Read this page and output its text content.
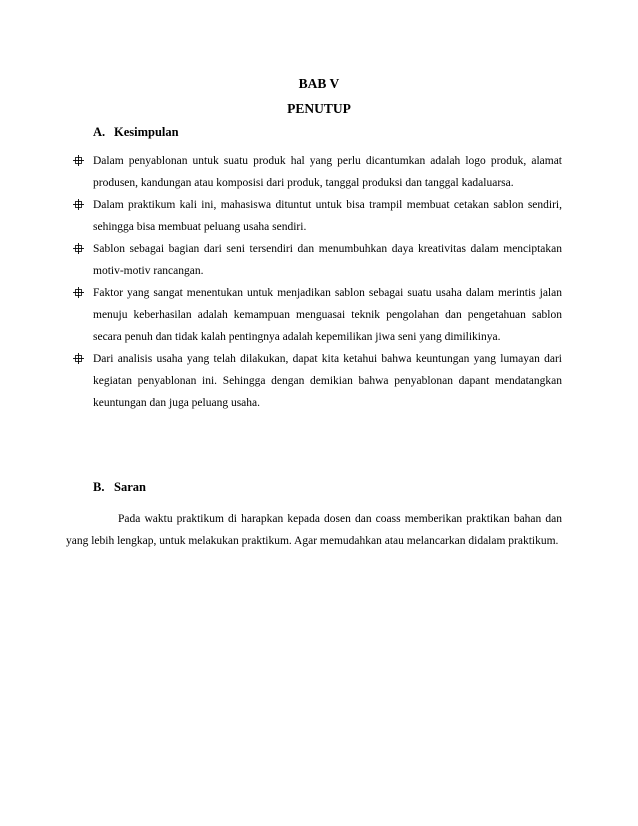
BAB V
PENUTUP
A. Kesimpulan

Dalam penyablonan untuk suatu produk hal yang perlu dicantumkan adalah logo produk, alamat produsen, kandungan atau komposisi dari produk, tanggal produksi dan tanggal kadaluarsa.

Dalam praktikum kali ini, mahasiswa dituntut untuk bisa trampil membuat cetakan sablon sendiri, sehingga bisa membuat peluang usaha sendiri.

Sablon sebagai bagian dari seni tersendiri dan menumbuhkan daya kreativitas dalam menciptakan motiv-motiv rancangan.

Faktor yang sangat menentukan untuk menjadikan sablon sebagai suatu usaha dalam merintis jalan menuju keberhasilan adalah kemampuan menguasai teknik pengolahan dan pengetahuan sablon secara penuh dan tidak kalah pentingnya adalah kepemilikan jiwa seni yang dimilikinya.

Dari analisis usaha yang telah dilakukan, dapat kita ketahui bahwa keuntungan yang lumayan dari kegiatan penyablonan ini. Sehingga dengan demikian bahwa penyablonan dapant mendatangkan keuntungan dan juga peluang usaha.

B. Saran

Pada waktu praktikum di harapkan kepada dosen dan coass memberikan praktikan bahan dan yang lebih lengkap, untuk melakukan praktikum. Agar memudahkan atau melancarkan didalam praktikum.
